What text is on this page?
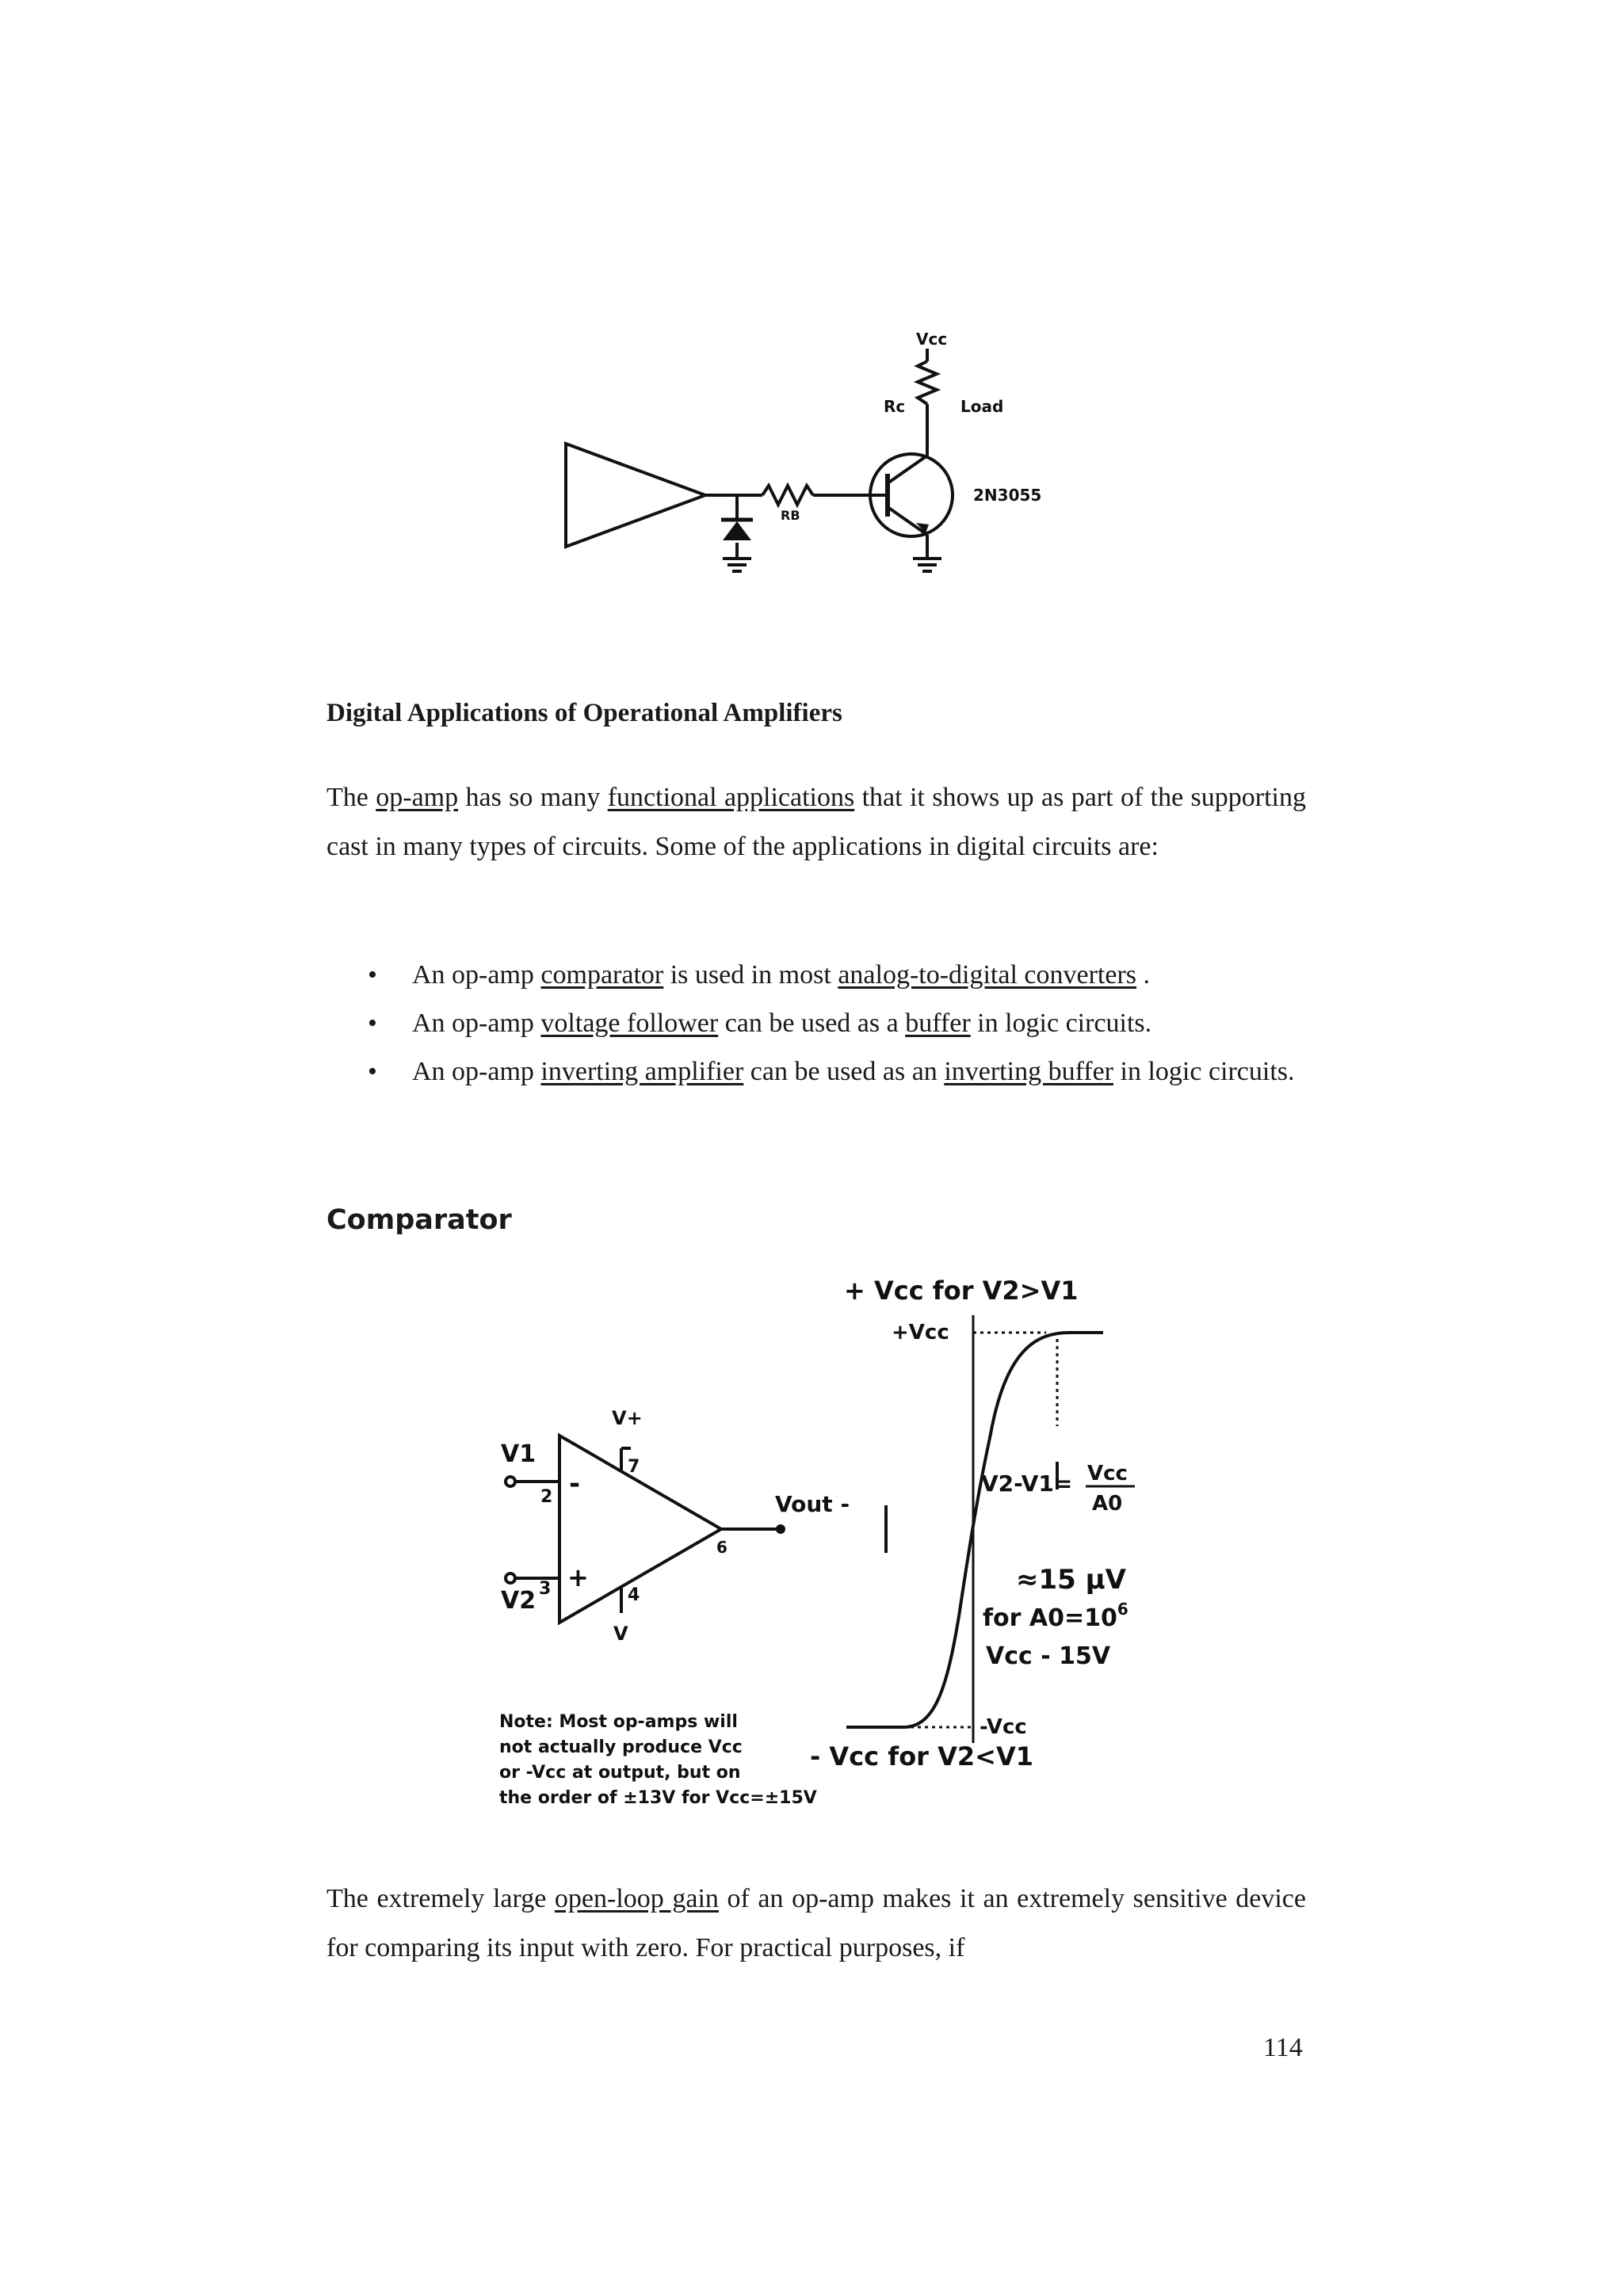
Vcc
Rc	Load
2N3055
RB
Digital Applications of Operational Amplifiers
The op-amp has so many functional applications that it shows up as part of the supporting cast in many types of circuits. Some of the applications in digital circuits are:
• An op-amp comparator is used in most analog-to-digital converters .
• An op-amp voltage follower can be used as a buffer in logic circuits.
• An op-amp inverting amplifier can be used as an inverting buffer in logic circuits.
Comparator
+ Vcc for V2>V1
+Vcc
V+
V1
2
7
-
+
V2 3	4
V
6
Vout -
V2-V1= Vcc
A0
≈15 µV
for $A0=10^6$
Vcc - 15V
-Vcc
- Vcc for V2<V1
Note: Most op-amps will
not actually produce Vcc
or -Vcc at output, but on
the order of ±13V for Vcc=±15V
The extremely large open-loop gain of an op-amp makes it an extremely sensitive device for comparing its input with zero. For practical purposes, if
114
